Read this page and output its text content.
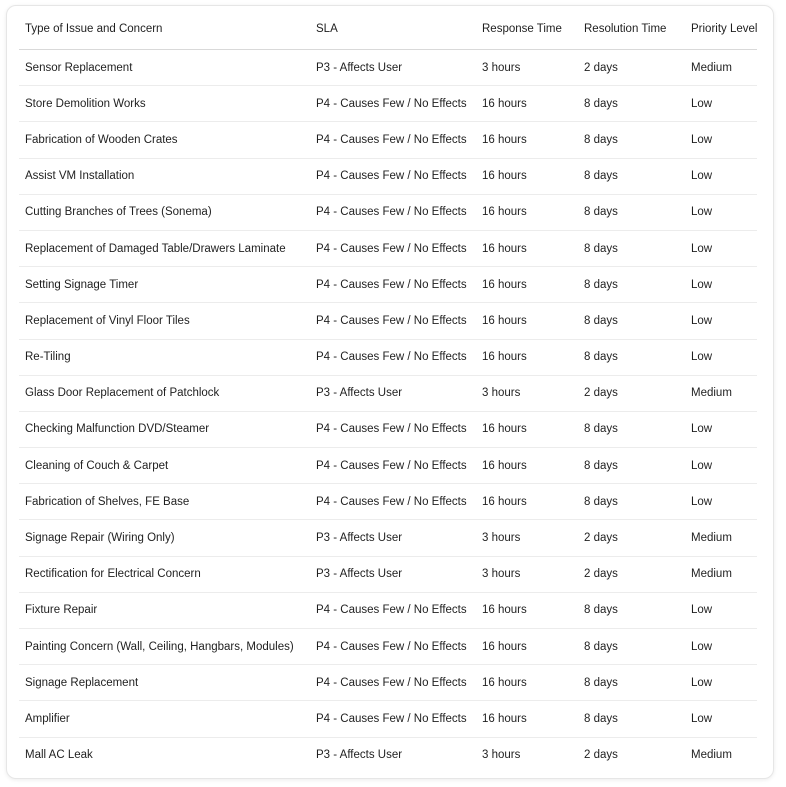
Type of Issue and Concern	SLA	Response Time	Resolution Time	Priority Level
Sensor Replacement	P3 - Affects User	3 hours	2 days	Medium
Store Demolition Works	P4 - Causes Few / No Effects	16 hours	8 days	Low
Fabrication of Wooden Crates	P4 - Causes Few / No Effects	16 hours	8 days	Low
Assist VM Installation	P4 - Causes Few / No Effects	16 hours	8 days	Low
Cutting Branches of Trees (Sonema)	P4 - Causes Few / No Effects	16 hours	8 days	Low
Replacement of Damaged Table/Drawers Laminate	P4 - Causes Few / No Effects	16 hours	8 days	Low
Setting Signage Timer	P4 - Causes Few / No Effects	16 hours	8 days	Low
Replacement of Vinyl Floor Tiles	P4 - Causes Few / No Effects	16 hours	8 days	Low
Re-Tiling	P4 - Causes Few / No Effects	16 hours	8 days	Low
Glass Door Replacement of Patchlock	P3 - Affects User	3 hours	2 days	Medium
Checking Malfunction DVD/Steamer	P4 - Causes Few / No Effects	16 hours	8 days	Low
Cleaning of Couch & Carpet	P4 - Causes Few / No Effects	16 hours	8 days	Low
Fabrication of Shelves, FE Base	P4 - Causes Few / No Effects	16 hours	8 days	Low
Signage Repair (Wiring Only)	P3 - Affects User	3 hours	2 days	Medium
Rectification for Electrical Concern	P3 - Affects User	3 hours	2 days	Medium
Fixture Repair	P4 - Causes Few / No Effects	16 hours	8 days	Low
Painting Concern (Wall, Ceiling, Hangbars, Modules)	P4 - Causes Few / No Effects	16 hours	8 days	Low
Signage Replacement	P4 - Causes Few / No Effects	16 hours	8 days	Low
Amplifier	P4 - Causes Few / No Effects	16 hours	8 days	Low
Mall AC Leak	P3 - Affects User	3 hours	2 days	Medium
